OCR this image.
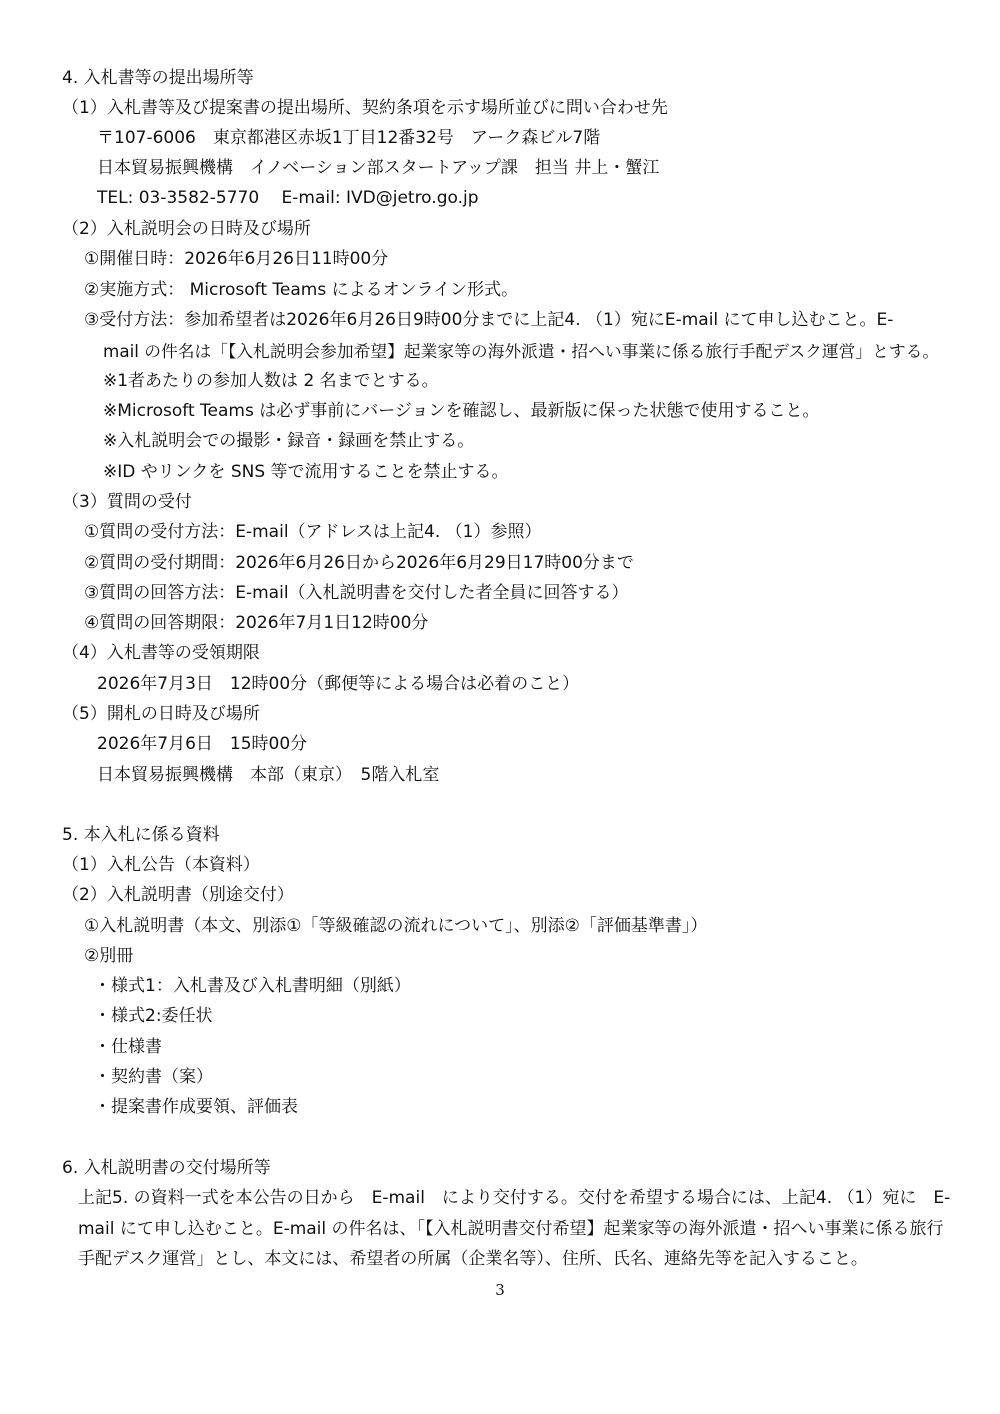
4. 入札書等の提出場所等
（1）入札書等及び提案書の提出場所、契約条項を示す場所並びに問い合わせ先
〒107-6006　東京都港区赤坂1丁目12番32号　アーク森ビル7階
日本貿易振興機構　イノベーション部スタートアップ課　担当 井上・蟹江
TEL: 03-3582-5770　 E-mail: IVD@jetro.go.jp
（2）入札説明会の日時及び場所
①開催日時：2026年6月26日11時00分
②実施方式： Microsoft Teams によるオンライン形式。
③受付方法：参加希望者は2026年6月26日9時00分までに上記4. （1）宛にE-mail にて申し込むこと。E-
mail の件名は「【入札説明会参加希望】起業家等の海外派遣・招へい事業に係る旅行手配デスク運営」とする。
※1者あたりの参加人数は 2 名までとする。
※Microsoft Teams は必ず事前にバージョンを確認し、最新版に保った状態で使用すること。
※入札説明会での撮影・録音・録画を禁止する。
※ID やリンクを SNS 等で流用することを禁止する。
（3）質問の受付
①質問の受付方法：E-mail（アドレスは上記4. （1）参照）
②質問の受付期間：2026年6月26日から2026年6月29日17時00分まで
③質問の回答方法：E-mail（入札説明書を交付した者全員に回答する）
④質問の回答期限：2026年7月1日12時00分
（4）入札書等の受領期限
2026年7月3日　12時00分（郵便等による場合は必着のこと）
（5）開札の日時及び場所
2026年7月6日　15時00分
日本貿易振興機構　本部（東京）　5階入札室
5. 本入札に係る資料
（1）入札公告（本資料）
（2）入札説明書（別途交付）
①入札説明書（本文、別添①「等級確認の流れについて」、別添②「評価基準書」）
②別冊
・様式1：入札書及び入札書明細（別紙）
・様式2:委任状
・仕様書
・契約書（案）
・提案書作成要領、評価表
6. 入札説明書の交付場所等
上記5. の資料一式を本公告の日から　E-mail　により交付する。交付を希望する場合には、上記4. （1）宛に　E-
mail にて申し込むこと。E-mail の件名は、「【入札説明書交付希望】起業家等の海外派遣・招へい事業に係る旅行
手配デスク運営」とし、本文には、希望者の所属（企業名等）、住所、氏名、連絡先等を記入すること。
3
